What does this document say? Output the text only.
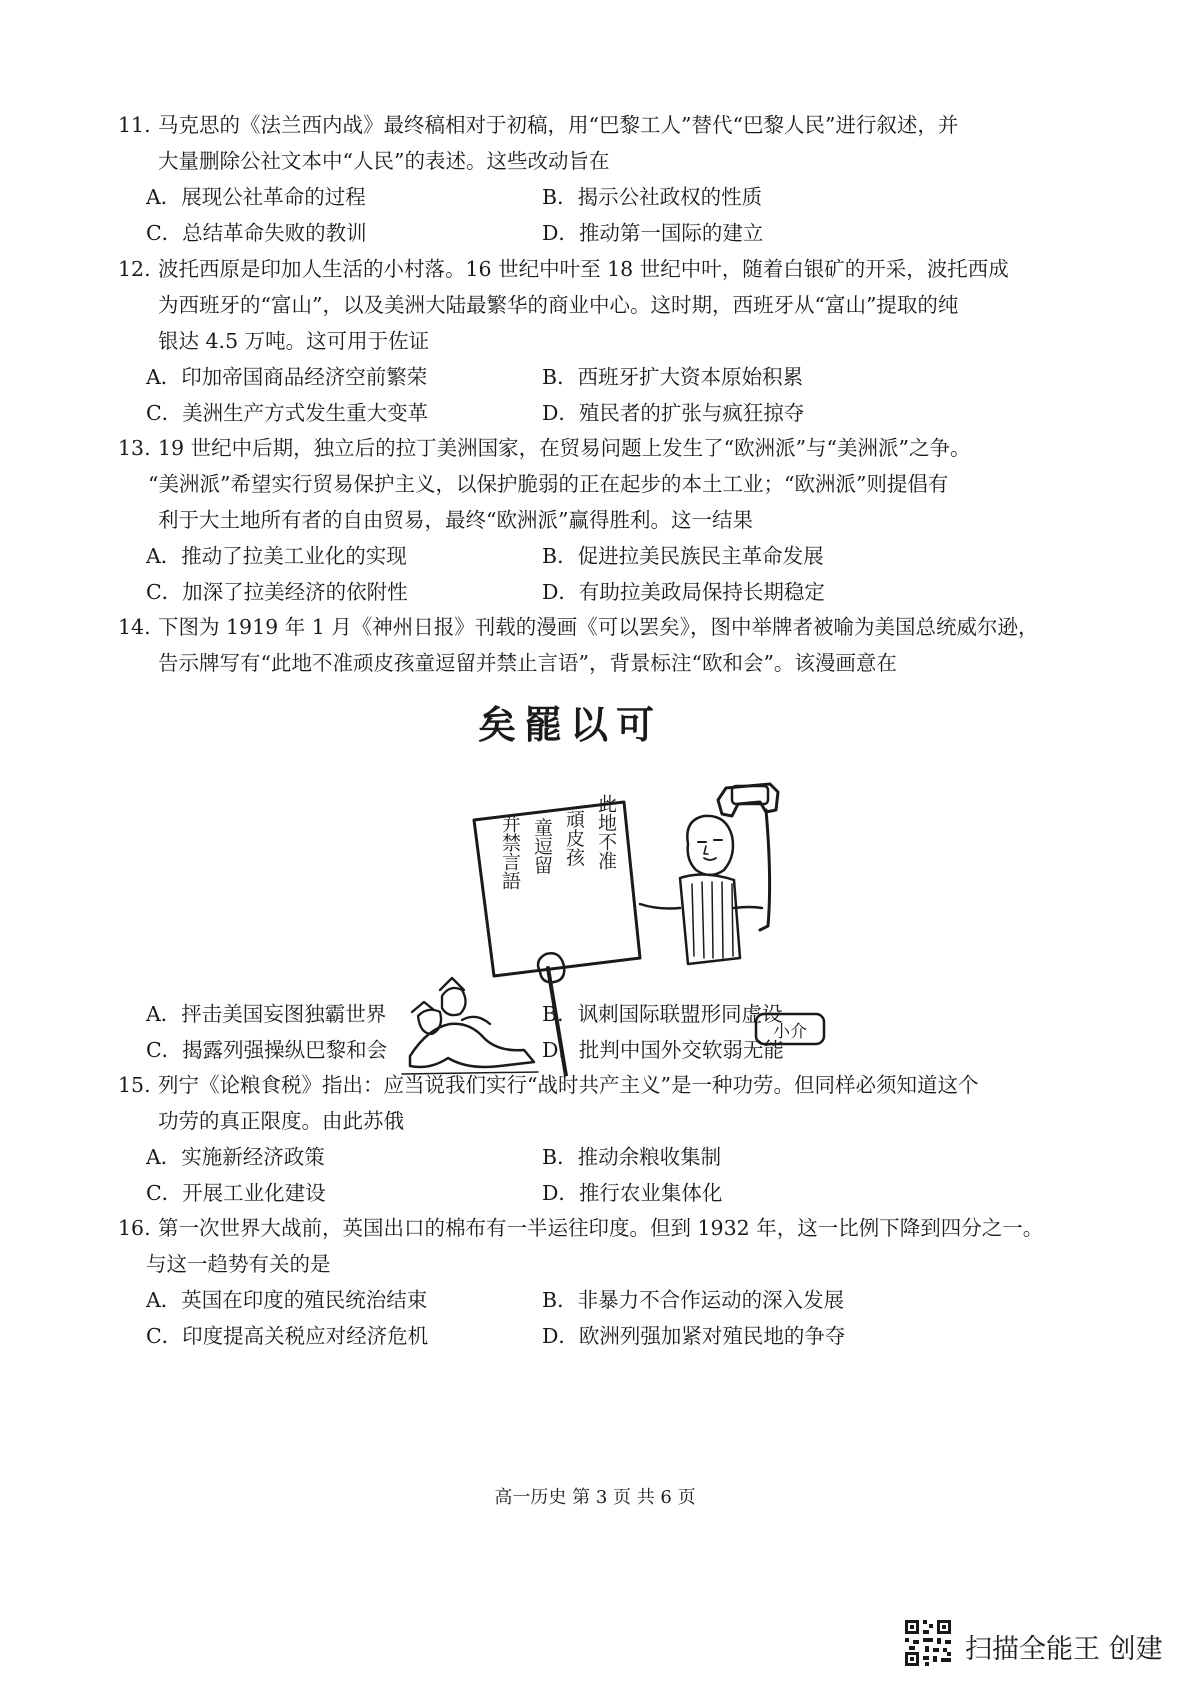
11. 马克思的《法兰西内战》最终稿相对于初稿，用“巴黎工人”替代“巴黎人民”进行叙述，并
大量删除公社文本中“人民”的表述。这些改动旨在
A．展现公社革命的过程	B．揭示公社政权的性质
C．总结革命失败的教训	D．推动第一国际的建立
12. 波托西原是印加人生活的小村落。16 世纪中叶至 18 世纪中叶，随着白银矿的开采，波托西成
为西班牙的“富山”，以及美洲大陆最繁华的商业中心。这时期，西班牙从“富山”提取的纯
银达 4.5 万吨。这可用于佐证
A．印加帝国商品经济空前繁荣	B．西班牙扩大资本原始积累
C．美洲生产方式发生重大变革	D．殖民者的扩张与疯狂掠夺
13. 19 世纪中后期，独立后的拉丁美洲国家，在贸易问题上发生了“欧洲派”与“美洲派”之争。
“美洲派”希望实行贸易保护主义，以保护脆弱的正在起步的本土工业；“欧洲派”则提倡有
利于大土地所有者的自由贸易，最终“欧洲派”赢得胜利。这一结果
A．推动了拉美工业化的实现	B．促进拉美民族民主革命发展
C．加深了拉美经济的依附性	D．有助拉美政局保持长期稳定
14. 下图为 1919 年 1 月《神州日报》刊载的漫画《可以罢矣》，图中举牌者被喻为美国总统威尔逊，
告示牌写有“此地不准顽皮孩童逗留并禁止言语”，背景标注“欧和会”。该漫画意在
此地不准
頑皮孩
童逗留
并禁言語
小介
矣罷以可
A．抨击美国妄图独霸世界	B．讽刺国际联盟形同虚设
C．揭露列强操纵巴黎和会	D．批判中国外交软弱无能
15. 列宁《论粮食税》指出：应当说我们实行“战时共产主义”是一种功劳。但同样必须知道这个
功劳的真正限度。由此苏俄
A．实施新经济政策	B．推动余粮收集制
C．开展工业化建设	D．推行农业集体化
16. 第一次世界大战前，英国出口的棉布有一半运往印度。但到 1932 年，这一比例下降到四分之一。
与这一趋势有关的是
A．英国在印度的殖民统治结束	B．非暴力不合作运动的深入发展
C．印度提高关税应对经济危机	D．欧洲列强加紧对殖民地的争夺
高一历史 第 3 页 共 6 页
扫描全能王 创建
